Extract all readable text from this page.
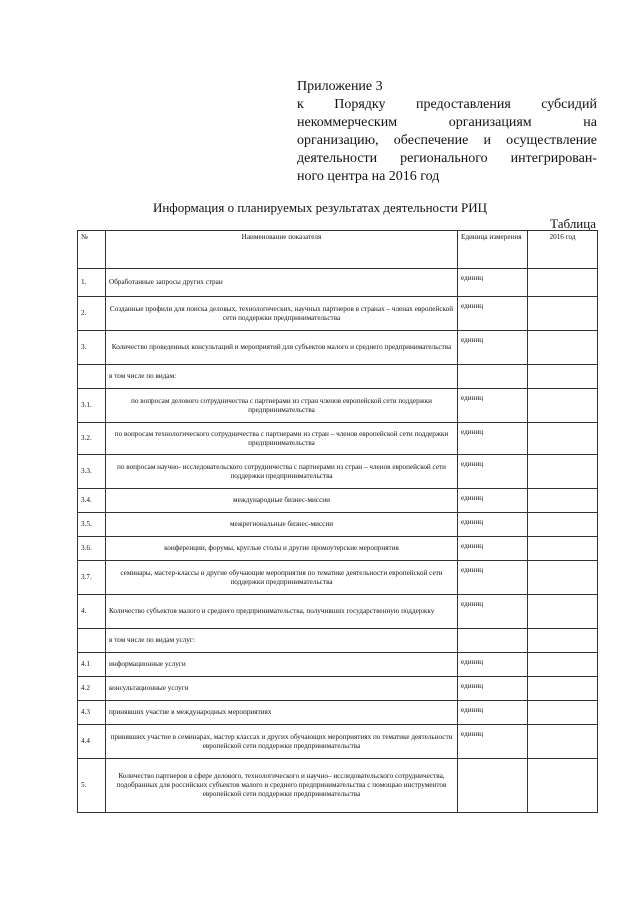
Приложение 3
к Порядку предоставления субсидий
некоммерческим организациям на
организацию, обеспечение и осуществление
деятельности регионального интегрирован-
ного центра на 2016 год
Информация о планируемых результатах деятельности РИЦ
Таблица
№	Наименование показателя	Единица измерения	2016 год
1.	Обработанные запросы других стран	единиц	
2.	Созданные профили для поиска деловых, технологических, научных партнеров в странах – членах европейской сети поддержки предпринимательства	единиц	
3.	Количество проведенных консультаций и мероприятий для субъектов малого и среднего предпринимательства	единиц	
	в том числе по видам:		
3.1.	по вопросам делового сотрудничества с партнерами из стран членов европейской сети поддержки предпринимательства	единиц	
3.2.	по вопросам технологического сотрудничества с партнерами из стран – членов европейской сети поддержки предпринимательства	единиц	
3.3.	по вопросам научно- исследовательского сотрудничества с партнерами из стран – членов европейской сети поддержки предпринимательства	единиц	
3.4.	международные бизнес-миссии	единиц	
3.5.	межрегиональные бизнес-миссии	единиц	
3.6.	конференции, форумы, круглые столы и другие промоутерские мероприятия	единиц	
3.7.	семинары, мастер-классы и другие обучающие мероприятия по тематике деятельности европейской сети поддержки предпринимательства	единиц	
4.	Количество субъектов малого и среднего предпринимательства, получивших государственную поддержку	единиц	
	в том числе по видам услуг:		
4.1	информационные услуги	единиц	
4.2	консультационные услуги	единиц	
4.3	принявших участие в международных мероприятиях	единиц	
4.4	принявших участие в семинарах, мастер классах и других обучающих мероприятиях по тематике деятельности европейской сети поддержки предпринимательства	единиц	
5.	Количество партнеров в сфере делового, технологического и научно– исследовательского сотрудничества, подобранных для российских субъектов малого и среднего предпринимательства с помощью инструментов европейской сети поддержки предпринимательства		
